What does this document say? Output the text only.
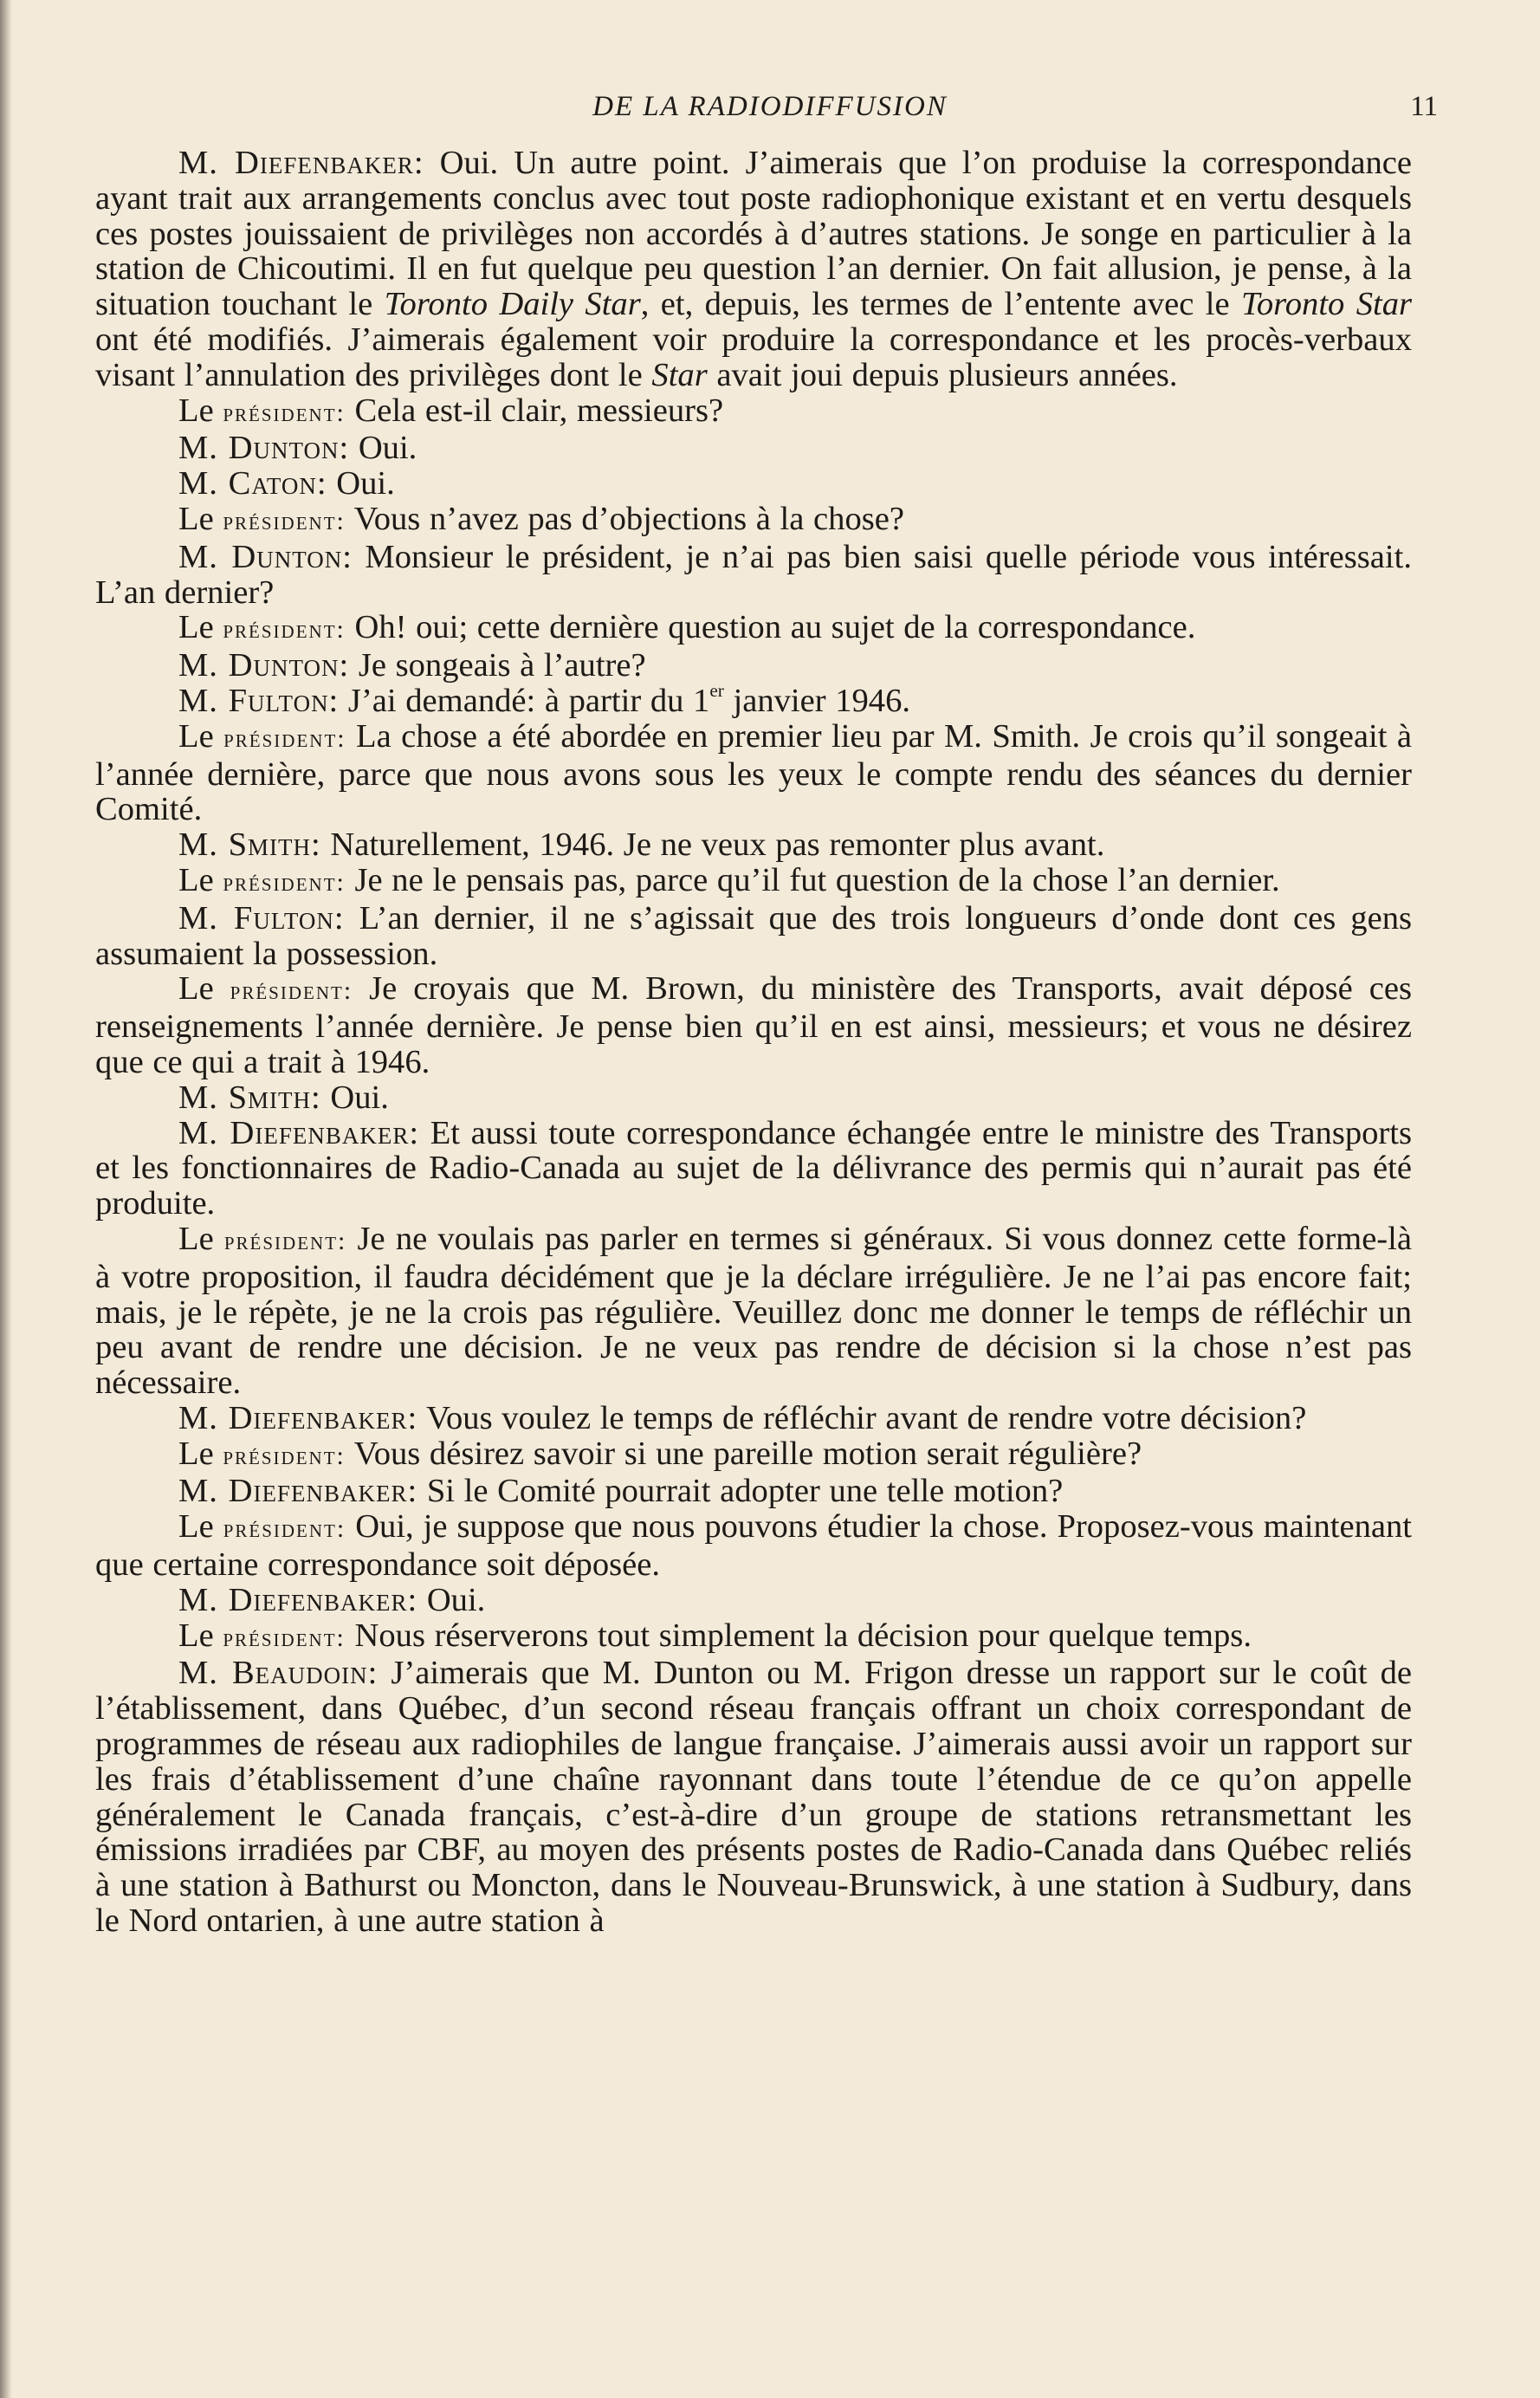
DE LA RADIODIFFUSION	11

M. Diefenbaker: Oui. Un autre point. J’aimerais que l’on produise la correspondance ayant trait aux arrangements conclus avec tout poste radiophonique existant et en vertu desquels ces postes jouissaient de privilèges non accordés à d’autres stations. Je songe en particulier à la station de Chicoutimi. Il en fut quelque peu question l’an dernier. On fait allusion, je pense, à la situation touchant le Toronto Daily Star, et, depuis, les termes de l’entente avec le Toronto Star ont été modifiés. J’aimerais également voir produire la correspondance et les procès-verbaux visant l’annulation des privilèges dont le Star avait joui depuis plusieurs années.

Le président: Cela est-il clair, messieurs?

M. Dunton: Oui.

M. Caton: Oui.

Le président: Vous n’avez pas d’objections à la chose?

M. Dunton: Monsieur le président, je n’ai pas bien saisi quelle période vous intéressait. L’an dernier?

Le président: Oh! oui; cette dernière question au sujet de la correspondance.

M. Dunton: Je songeais à l’autre?

M. Fulton: J’ai demandé: à partir du 1er janvier 1946.

Le président: La chose a été abordée en premier lieu par M. Smith. Je crois qu’il songeait à l’année dernière, parce que nous avons sous les yeux le compte rendu des séances du dernier Comité.

M. Smith: Naturellement, 1946. Je ne veux pas remonter plus avant.

Le président: Je ne le pensais pas, parce qu’il fut question de la chose l’an dernier.

M. Fulton: L’an dernier, il ne s’agissait que des trois longueurs d’onde dont ces gens assumaient la possession.

Le président: Je croyais que M. Brown, du ministère des Transports, avait déposé ces renseignements l’année dernière. Je pense bien qu’il en est ainsi, messieurs; et vous ne désirez que ce qui a trait à 1946.

M. Smith: Oui.

M. Diefenbaker: Et aussi toute correspondance échangée entre le ministre des Transports et les fonctionnaires de Radio-Canada au sujet de la délivrance des permis qui n’aurait pas été produite.

Le président: Je ne voulais pas parler en termes si généraux. Si vous donnez cette forme-là à votre proposition, il faudra décidément que je la déclare irrégulière. Je ne l’ai pas encore fait; mais, je le répète, je ne la crois pas régulière. Veuillez donc me donner le temps de réfléchir un peu avant de rendre une décision. Je ne veux pas rendre de décision si la chose n’est pas nécessaire.

M. Diefenbaker: Vous voulez le temps de réfléchir avant de rendre votre décision?

Le président: Vous désirez savoir si une pareille motion serait régulière?

M. Diefenbaker: Si le Comité pourrait adopter une telle motion?

Le président: Oui, je suppose que nous pouvons étudier la chose. Proposez-vous maintenant que certaine correspondance soit déposée.

M. Diefenbaker: Oui.

Le président: Nous réserverons tout simplement la décision pour quelque temps.

M. Beaudoin: J’aimerais que M. Dunton ou M. Frigon dresse un rapport sur le coût de l’établissement, dans Québec, d’un second réseau français offrant un choix correspondant de programmes de réseau aux radiophiles de langue française. J’aimerais aussi avoir un rapport sur les frais d’établissement d’une chaîne rayonnant dans toute l’étendue de ce qu’on appelle généralement le Canada français, c’est-à-dire d’un groupe de stations retransmettant les émissions irradiées par CBF, au moyen des présents postes de Radio-Canada dans Québec reliés à une station à Bathurst ou Moncton, dans le Nouveau-Brunswick, à une station à Sudbury, dans le Nord ontarien, à une autre station à
